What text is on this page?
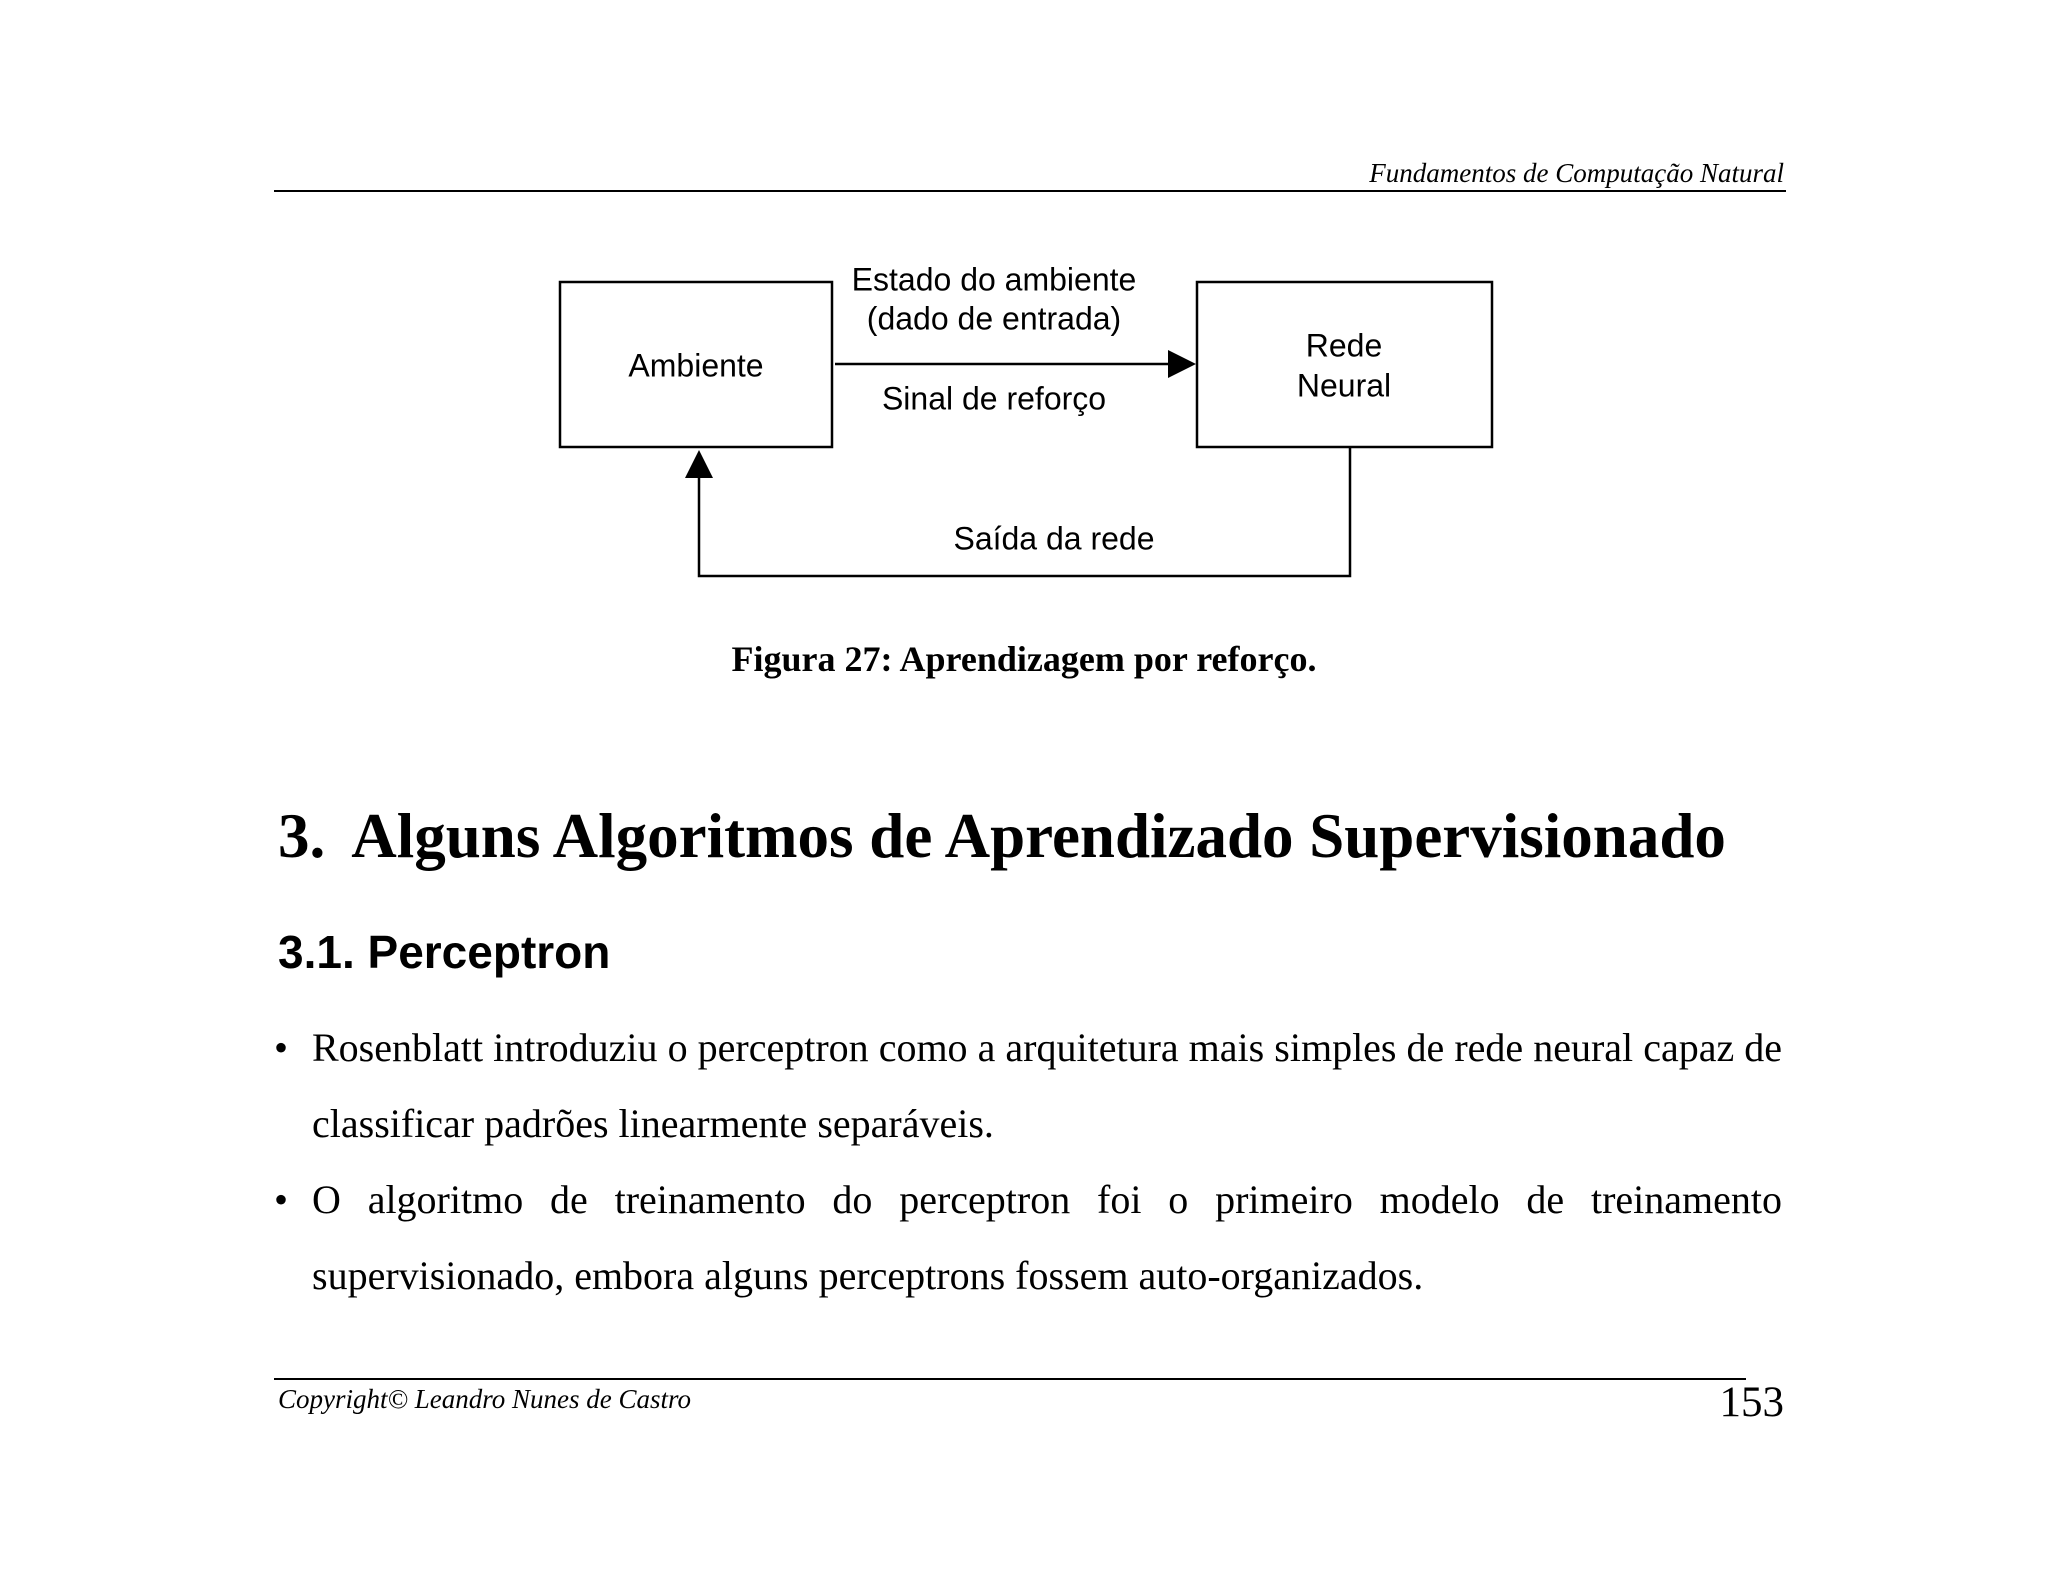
Fundamentos de Computação Natural
Ambiente
Rede
Neural
Estado do ambiente
(dado de entrada)
Sinal de reforço
Saída da rede
Figura 27: Aprendizagem por reforço.
3. Alguns Algoritmos de Aprendizado Supervisionado
3.1. Perceptron
• Rosenblatt introduziu o perceptron como a arquitetura mais simples de rede neural capaz de classificar padrões linearmente separáveis.
• O algoritmo de treinamento do perceptron foi o primeiro modelo de treinamento supervisionado, embora alguns perceptrons fossem auto-organizados.
Copyright© Leandro Nunes de Castro	153
